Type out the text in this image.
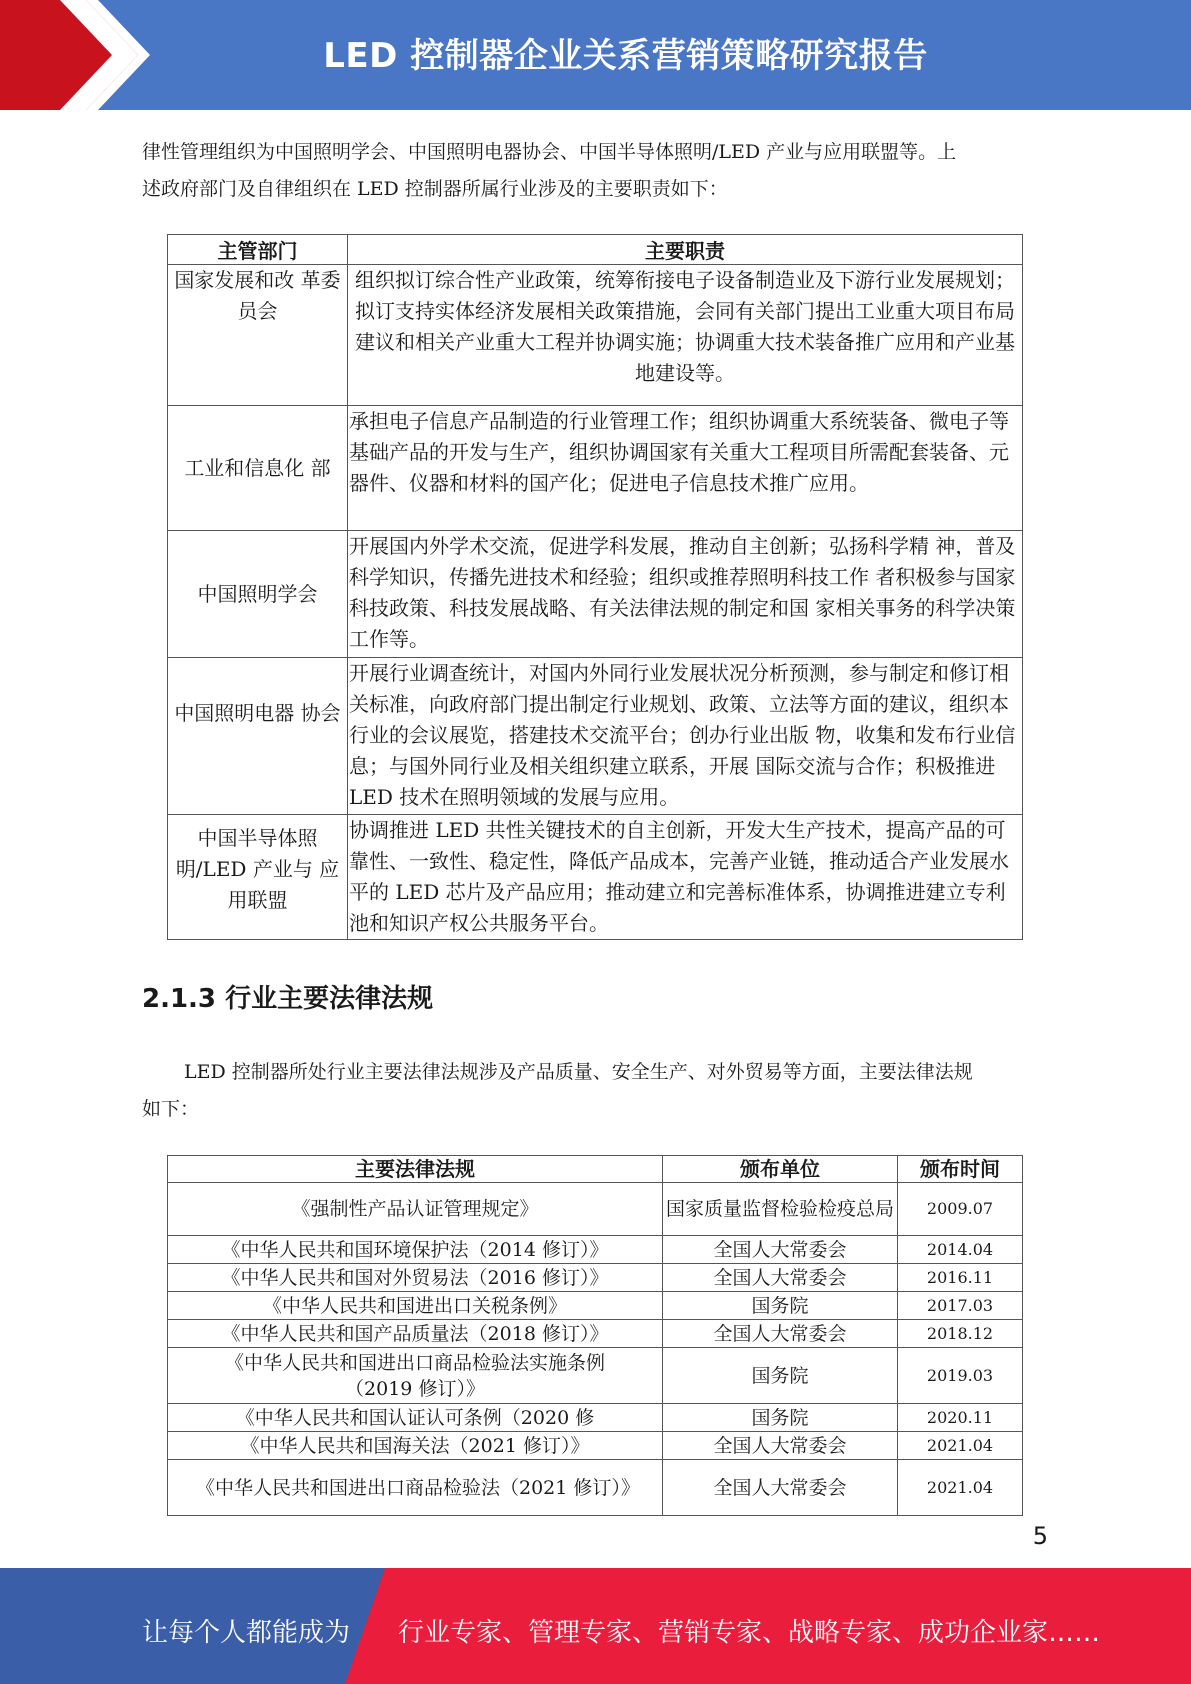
LED 控制器企业关系营销策略研究报告

律性管理组织为中国照明学会、中国照明电器协会、中国半导体照明/LED 产业与应用联盟等。上

述政府部门及自律组织在 LED 控制器所属行业涉及的主要职责如下：

主管部门	主要职责
国家发展和改 革委员会	组织拟订综合性产业政策，统筹衔接电子设备制造业及下游行业发展规划；拟订支持实体经济发展相关政策措施，会同有关部门提出工业重大项目布局建议和相关产业重大工程并协调实施；协调重大技术装备推广应用和产业基地建设等。
工业和信息化 部	承担电子信息产品制造的行业管理工作；组织协调重大系统装备、微电子等基础产品的开发与生产，组织协调国家有关重大工程项目所需配套装备、元器件、仪器和材料的国产化；促进电子信息技术推广应用。
中国照明学会	开展国内外学术交流，促进学科发展，推动自主创新；弘扬科学精 神，普及科学知识，传播先进技术和经验；组织或推荐照明科技工作 者积极参与国家科技政策、科技发展战略、有关法律法规的制定和国 家相关事务的科学决策工作等。
中国照明电器 协会	开展行业调查统计，对国内外同行业发展状况分析预测，参与制定和修订相关标准，向政府部门提出制定行业规划、政策、立法等方面的建议，组织本行业的会议展览，搭建技术交流平台；创办行业出版 物，收集和发布行业信息；与国外同行业及相关组织建立联系，开展 国际交流与合作；积极推进 LED 技术在照明领域的发展与应用。
中国半导体照 明/LED 产业与 应用联盟	协调推进 LED 共性关键技术的自主创新，开发大生产技术，提高产品的可靠性、一致性、稳定性，降低产品成本，完善产业链，推动适合产业发展水平的 LED 芯片及产品应用；推动建立和完善标准体系，协调推进建立专利池和知识产权公共服务平台。
2.1.3 行业主要法律法规

LED 控制器所处行业主要法律法规涉及产品质量、安全生产、对外贸易等方面，主要法律法规

如下：

主要法律法规	颁布单位	颁布时间
《强制性产品认证管理规定》	国家质量监督检验检疫总局	2009.07
《中华人民共和国环境保护法（2014 修订）》	全国人大常委会	2014.04
《中华人民共和国对外贸易法（2016 修订）》	全国人大常委会	2016.11
《中华人民共和国进出口关税条例》	国务院	2017.03
《中华人民共和国产品质量法（2018 修订）》	全国人大常委会	2018.12
《中华人民共和国进出口商品检验法实施条例（2019 修订）》	国务院	2019.03
《中华人民共和国认证认可条例（2020 修	国务院	2020.11
《中华人民共和国海关法（2021 修订）》	全国人大常委会	2021.04
《中华人民共和国进出口商品检验法（2021 修订）》	全国人大常委会	2021.04
5
让每个人都能成为 行业专家、管理专家、营销专家、战略专家、成功企业家……
